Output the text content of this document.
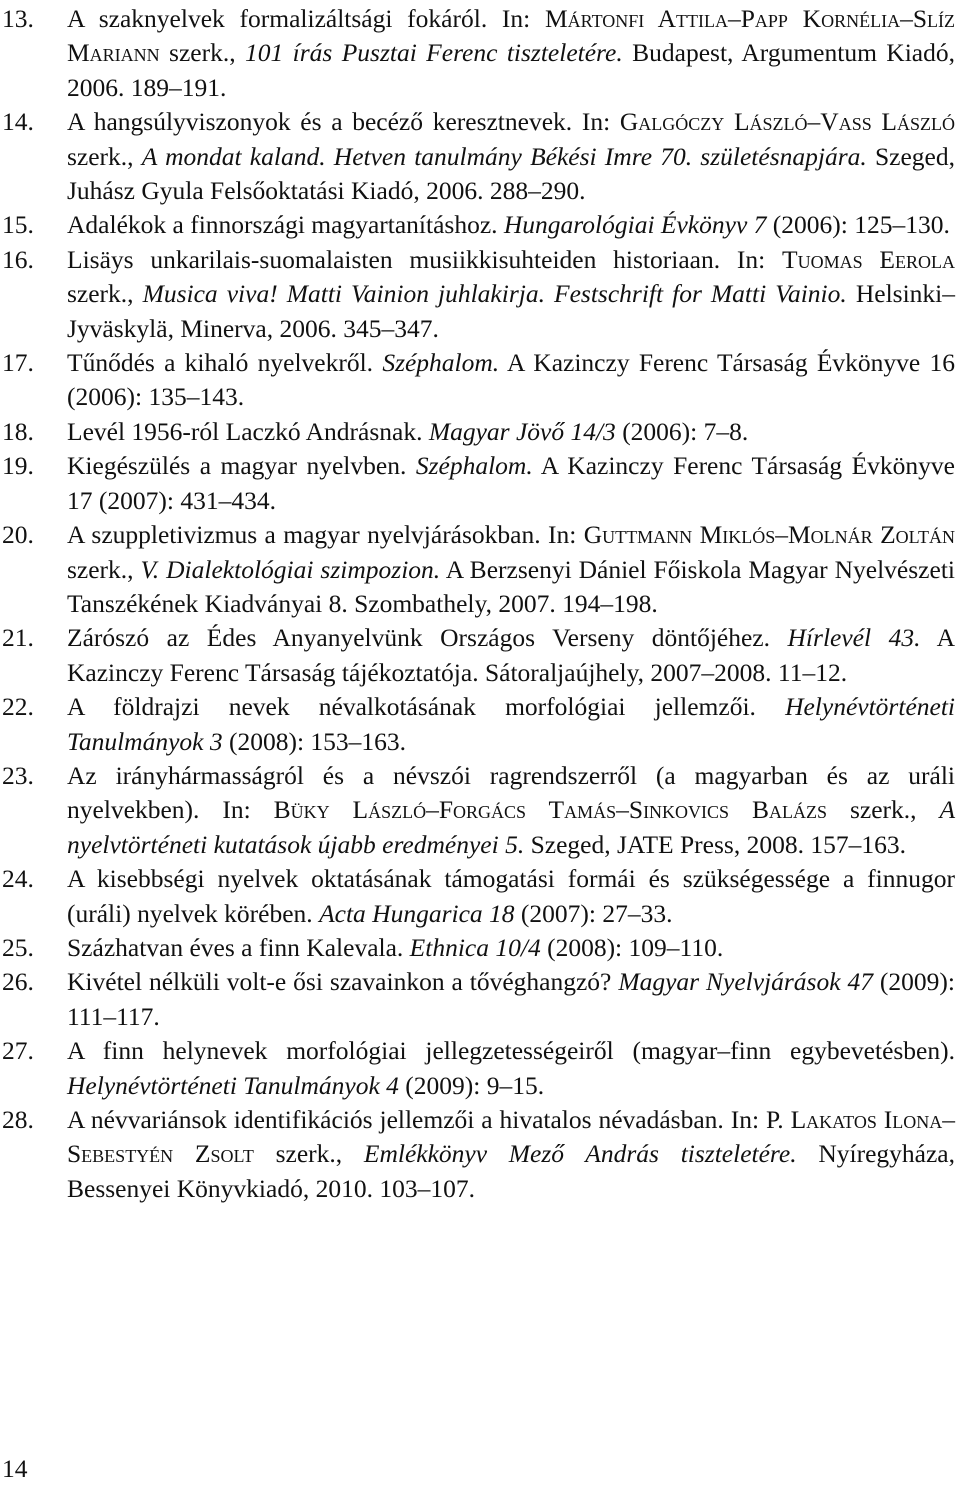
13.	A szaknyelvek formalizáltsági fokáról. In: Mártonfi Attila–Papp Kornélia–Slíz Mariann szerk., 101 írás Pusztai Ferenc tiszteletére. Budapest, Argumentum Kiadó, 2006. 189–191.
14.	A hangsúlyviszonyok és a becéző keresztnevek. In: Galgóczy László–Vass László szerk., A mondat kaland. Hetven tanulmány Békési Imre 70. születésnapjára. Szeged, Juhász Gyula Felsőoktatási Kiadó, 2006. 288–290.
15.	Adalékok a finnországi magyartanításhoz. Hungarológiai Évkönyv 7 (2006): 125–130.
16.	Lisäys unkarilais-suomalaisten musiikkisuhteiden historiaan. In: Tuomas Eerola szerk., Musica viva! Matti Vainion juhlakirja. Festschrift for Matti Vainio. Helsinki–Jyväskylä, Minerva, 2006. 345–347.
17.	Tűnődés a kihaló nyelvekről. Széphalom. A Kazinczy Ferenc Társaság Évkönyve 16 (2006): 135–143.
18.	Levél 1956-ról Laczkó Andrásnak. Magyar Jövő 14/3 (2006): 7–8.
19.	Kiegészülés a magyar nyelvben. Széphalom. A Kazinczy Ferenc Társaság Évkönyve 17 (2007): 431–434.
20.	A szuppletivizmus a magyar nyelvjárásokban. In: Guttmann Miklós–Molnár Zoltán szerk., V. Dialektológiai szimpozion. A Berzsenyi Dániel Főiskola Magyar Nyelvészeti Tanszékének Kiadványai 8. Szombathely, 2007. 194–198.
21.	Zárószó az Édes Anyanyelvünk Országos Verseny döntőjéhez. Hírlevél 43. A Kazinczy Ferenc Társaság tájékoztatója. Sátoraljaújhely, 2007–2008. 11–12.
22.	A földrajzi nevek névalkotásának morfológiai jellemzői. Helynévtörténeti Tanulmányok 3 (2008): 153–163.
23.	Az irányhármasságról és a névszói ragrendszerről (a magyarban és az uráli nyelvekben). In: Büky László–Forgács Tamás–Sinkovics Balázs szerk., A nyelvtörténeti kutatások újabb eredményei 5. Szeged, JATE Press, 2008. 157–163.
24.	A kisebbségi nyelvek oktatásának támogatási formái és szükségessége a finnugor (uráli) nyelvek körében. Acta Hungarica 18 (2007): 27–33.
25.	Százhatvan éves a finn Kalevala. Ethnica 10/4 (2008): 109–110.
26.	Kivétel nélküli volt-e ősi szavainkon a tővéghangzó? Magyar Nyelvjárások 47 (2009): 111–117.
27.	A finn helynevek morfológiai jellegzetességeiről (magyar–finn egybevetésben). Helynévtörténeti Tanulmányok 4 (2009): 9–15.
28.	A névvariánsok identifikációs jellemzői a hivatalos névadásban. In: P. Lakatos Ilona–Sebestyén Zsolt szerk., Emlékkönyv Mező András tiszteletére. Nyíregyháza, Bessenyei Könyvkiadó, 2010. 103–107.
14
